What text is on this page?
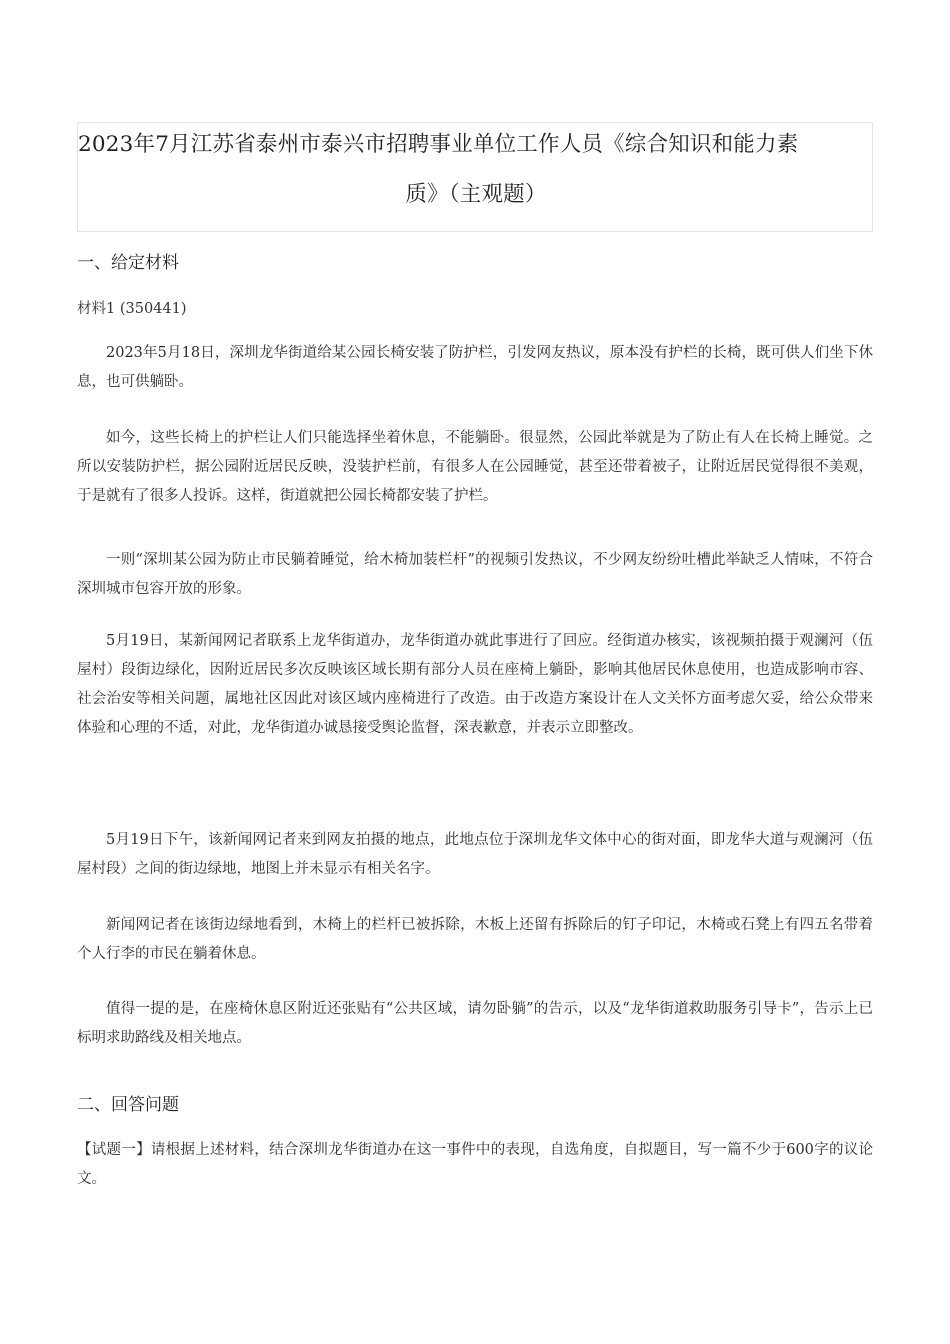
2023年7月江苏省泰州市泰兴市招聘事业单位工作人员《综合知识和能力素
质》（主观题）
一、给定材料
材料1 (350441)
2023年5月18日，深圳龙华街道给某公园长椅安装了防护栏，引发网友热议，原本没有护栏的长椅，既可供人们坐下休息，也可供躺卧。
如今，这些长椅上的护栏让人们只能选择坐着休息，不能躺卧。很显然，公园此举就是为了防止有人在长椅上睡觉。之所以安装防护栏，据公园附近居民反映，没装护栏前，有很多人在公园睡觉，甚至还带着被子，让附近居民觉得很不美观，于是就有了很多人投诉。这样，街道就把公园长椅都安装了护栏。
一则“深圳某公园为防止市民躺着睡觉，给木椅加装栏杆”的视频引发热议，不少网友纷纷吐槽此举缺乏人情味，不符合深圳城市包容开放的形象。
5月19日，某新闻网记者联系上龙华街道办，龙华街道办就此事进行了回应。经街道办核实，该视频拍摄于观澜河（伍屋村）段街边绿化，因附近居民多次反映该区域长期有部分人员在座椅上躺卧，影响其他居民休息使用，也造成影响市容、社会治安等相关问题，属地社区因此对该区域内座椅进行了改造。由于改造方案设计在人文关怀方面考虑欠妥，给公众带来体验和心理的不适，对此，龙华街道办诚恳接受舆论监督，深表歉意，并表示立即整改。
5月19日下午，该新闻网记者来到网友拍摄的地点，此地点位于深圳龙华文体中心的街对面，即龙华大道与观澜河（伍屋村段）之间的街边绿地，地图上并未显示有相关名字。
新闻网记者在该街边绿地看到，木椅上的栏杆已被拆除，木板上还留有拆除后的钉子印记，木椅或石凳上有四五名带着个人行李的市民在躺着休息。
值得一提的是，在座椅休息区附近还张贴有“公共区域，请勿卧躺”的告示，以及“龙华街道救助服务引导卡”，告示上已标明求助路线及相关地点。
二、回答问题
【试题一】请根据上述材料，结合深圳龙华街道办在这一事件中的表现，自选角度，自拟题目，写一篇不少于600字的议论文。
